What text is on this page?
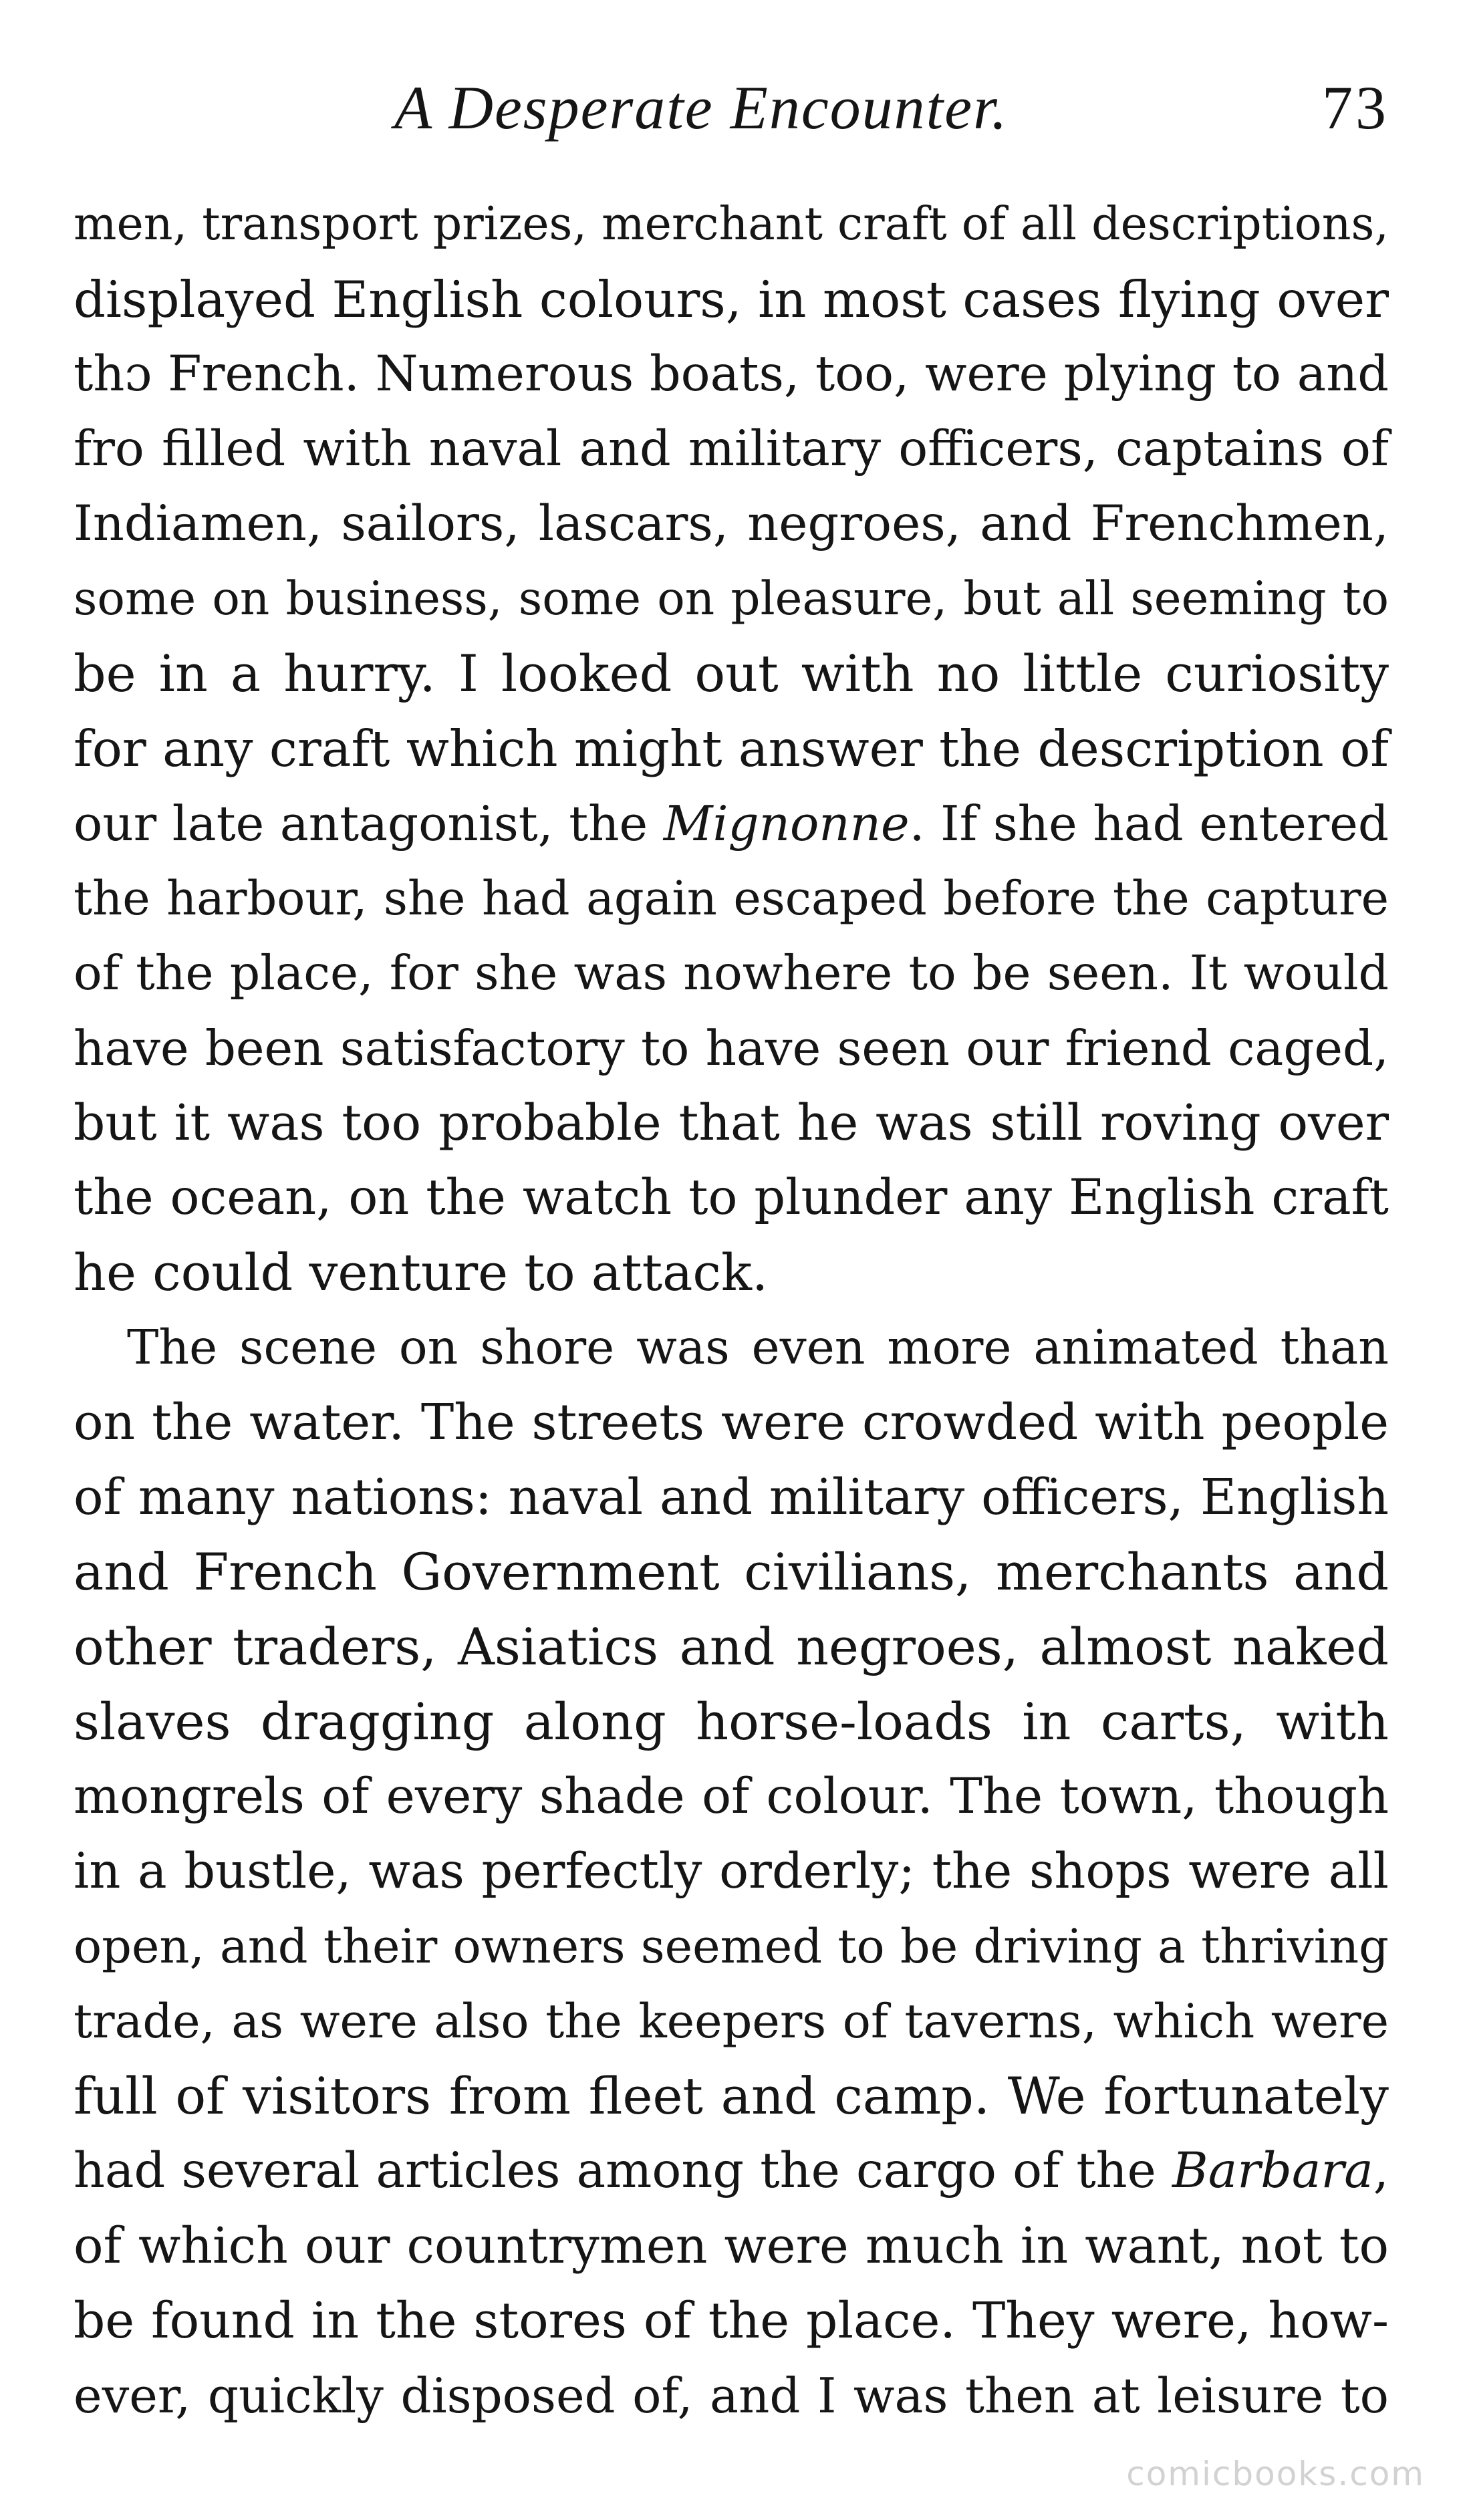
A Desperate Encounter.	73
men, transport prizes, merchant craft of all descriptions,
displayed English colours, in most cases flying over
thɔ French. Numerous boats, too, were plying to and
fro filled with naval and military officers, captains of
Indiamen, sailors, lascars, negroes, and Frenchmen,
some on business, some on pleasure, but all seeming to
be in a hurry. I looked out with no little curiosity
for any craft which might answer the description of
our late antagonist, the Mignonne. If she had entered
the harbour, she had again escaped before the capture
of the place, for she was nowhere to be seen. It would
have been satisfactory to have seen our friend caged,
but it was too probable that he was still roving over
the ocean, on the watch to plunder any English craft
he could venture to attack.
The scene on shore was even more animated than
on the water. The streets were crowded with people
of many nations: naval and military officers, English
and French Government civilians, merchants and
other traders, Asiatics and negroes, almost naked
slaves dragging along horse-loads in carts, with
mongrels of every shade of colour. The town, though
in a bustle, was perfectly orderly; the shops were all
open, and their owners seemed to be driving a thriving
trade, as were also the keepers of taverns, which were
full of visitors from fleet and camp. We fortunately
had several articles among the cargo of the Barbara,
of which our countrymen were much in want, not to
be found in the stores of the place. They were, how-
ever, quickly disposed of, and I was then at leisure to
comicbooks.com
